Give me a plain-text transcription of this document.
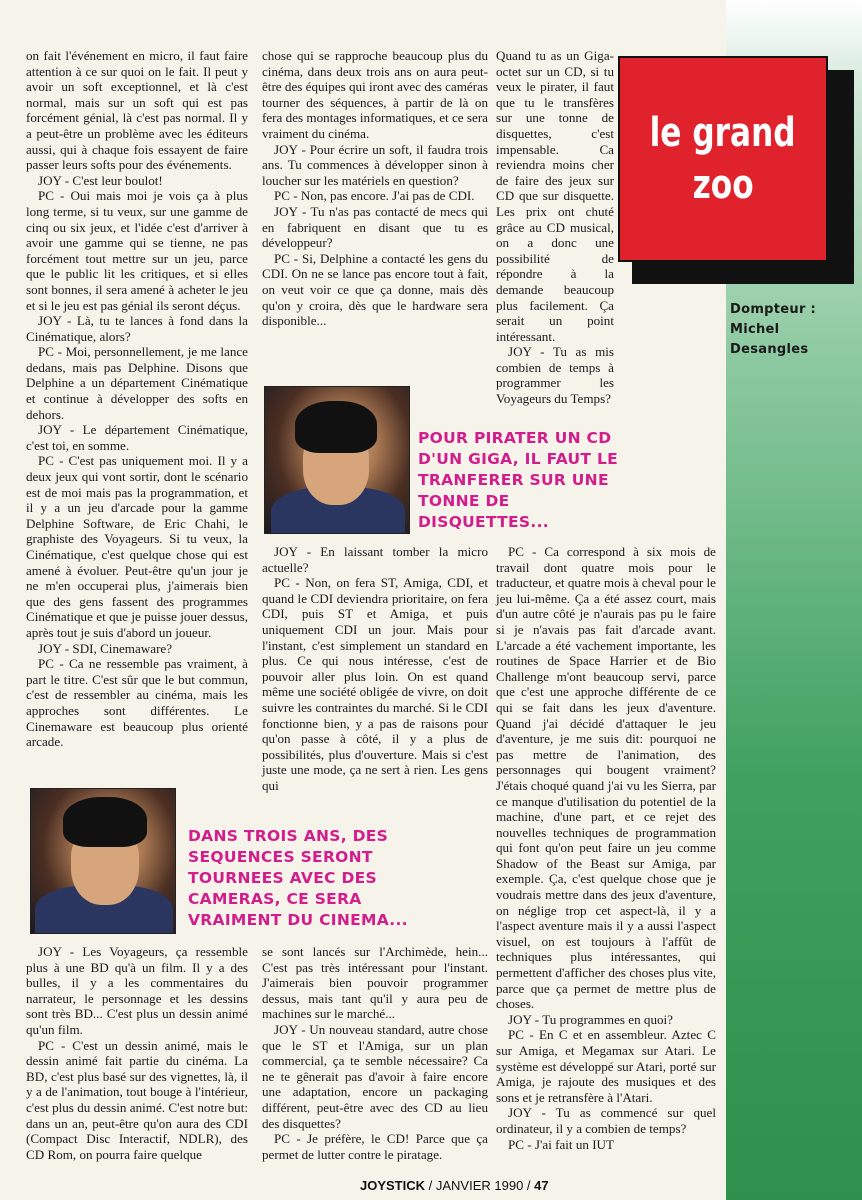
le grand
zoo
Dompteur :
Michel
Desangles

on fait l'événement en micro, il faut faire attention à ce sur quoi on le fait. Il peut y avoir un soft exceptionnel, et là c'est normal, mais sur un soft qui est pas forcément génial, là c'est pas normal. Il y a peut-être un problème avec les éditeurs aussi, qui à chaque fois essayent de faire passer leurs softs pour des événements.

JOY - C'est leur boulot!

PC - Oui mais moi je vois ça à plus long terme, si tu veux, sur une gamme de cinq ou six jeux, et l'idée c'est d'arriver à avoir une gamme qui se tienne, ne pas forcément tout mettre sur un jeu, parce que le public lit les critiques, et si elles sont bonnes, il sera amené à acheter le jeu et si le jeu est pas génial ils seront déçus.

JOY - Là, tu te lances à fond dans la Cinématique, alors?

PC - Moi, personnellement, je me lance dedans, mais pas Delphine. Disons que Delphine a un département Cinématique et continue à développer des softs en dehors.

JOY - Le département Cinématique, c'est toi, en somme.

PC - C'est pas uniquement moi. Il y a deux jeux qui vont sortir, dont le scénario est de moi mais pas la programmation, et il y a un jeu d'arcade pour la gamme Delphine Software, de Eric Chahi, le graphiste des Voyageurs. Si tu veux, la Cinématique, c'est quelque chose qui est amené à évoluer. Peut-être qu'un jour je ne m'en occuperai plus, j'aimerais bien que des gens fassent des programmes Cinématique et que je puisse jouer dessus, après tout je suis d'abord un joueur.

JOY - SDI, Cinemaware?

PC - Ca ne ressemble pas vraiment, à part le titre. C'est sûr que le but commun, c'est de ressembler au cinéma, mais les approches sont différentes. Le Cinemaware est beaucoup plus orienté arcade.

chose qui se rapproche beaucoup plus du cinéma, dans deux trois ans on aura peut-être des équipes qui iront avec des caméras tourner des séquences, à partir de là on fera des montages informatiques, et ce sera vraiment du cinéma.

JOY - Pour écrire un soft, il faudra trois ans. Tu commences à développer sinon à loucher sur les matériels en question?

PC - Non, pas encore. J'ai pas de CDI.

JOY - Tu n'as pas contacté de mecs qui en fabriquent en disant que tu es développeur?

PC - Si, Delphine a contacté les gens du CDI. On ne se lance pas encore tout à fait, on veut voir ce que ça donne, mais dès qu'on y croira, dès que le hardware sera disponible...

Quand tu as un Giga-octet sur un CD, si tu veux le pirater, il faut que tu le transfères sur une tonne de disquettes, c'est impensable. Ca reviendra moins cher de faire des jeux sur CD que sur disquette. Les prix ont chuté grâce au CD musical, on a donc une possibilité de répondre à la demande beaucoup plus facilement. Ça serait un point intéressant.

JOY - Tu as mis combien de temps à programmer les Voyageurs du Temps?

POUR PIRATER UN CD D'UN GIGA, IL FAUT LE TRANFERER SUR UNE TONNE DE DISQUETTES...

JOY - En laissant tomber la micro actuelle?

PC - Non, on fera ST, Amiga, CDI, et quand le CDI deviendra prioritaire, on fera CDI, puis ST et Amiga, et puis uniquement CDI un jour. Mais pour l'instant, c'est simplement un standard en plus. Ce qui nous intéresse, c'est de pouvoir aller plus loin. On est quand même une société obligée de vivre, on doit suivre les contraintes du marché. Si le CDI fonctionne bien, y a pas de raisons pour qu'on passe à côté, il y a plus de possibilités, plus d'ouverture. Mais si c'est juste une mode, ça ne sert à rien. Les gens qui

PC - Ca correspond à six mois de travail dont quatre mois pour le traducteur, et quatre mois à cheval pour le jeu lui-même. Ça a été assez court, mais d'un autre côté je n'aurais pas pu le faire si je n'avais pas fait d'arcade avant. L'arcade a été vachement importante, les routines de Space Harrier et de Bio Challenge m'ont beaucoup servi, parce que c'est une approche différente de ce qui se fait dans les jeux d'aventure. Quand j'ai décidé d'attaquer le jeu d'aventure, je me suis dit: pourquoi ne pas mettre de l'animation, des personnages qui bougent vraiment? J'étais choqué quand j'ai vu les Sierra, par ce manque d'utilisation du potentiel de la machine, d'une part, et ce rejet des nouvelles techniques de programmation qui font qu'on peut faire un jeu comme Shadow of the Beast sur Amiga, par exemple. Ça, c'est quelque chose que je voudrais mettre dans des jeux d'aventure, on néglige trop cet aspect-là, il y a l'aspect aventure mais il y a aussi l'aspect visuel, on est toujours à l'affût de techniques plus intéressantes, qui permettent d'afficher des choses plus vite, parce que ça permet de mettre plus de choses.

JOY - Tu programmes en quoi?

PC - En C et en assembleur. Aztec C sur Amiga, et Megamax sur Atari. Le système est développé sur Atari, porté sur Amiga, je rajoute des musiques et des sons et je retransfère à l'Atari.

JOY - Tu as commencé sur quel ordinateur, il y a combien de temps?

PC - J'ai fait un IUT

DANS TROIS ANS, DES SEQUENCES SERONT TOURNEES AVEC DES CAMERAS, CE SERA VRAIMENT DU CINEMA...

JOY - Les Voyageurs, ça ressemble plus à une BD qu'à un film. Il y a des bulles, il y a les commentaires du narrateur, le personnage et les dessins sont très BD... C'est plus un dessin animé qu'un film.

PC - C'est un dessin animé, mais le dessin animé fait partie du cinéma. La BD, c'est plus basé sur des vignettes, là, il y a de l'animation, tout bouge à l'intérieur, c'est plus du dessin animé. C'est notre but: dans un an, peut-être qu'on aura des CDI (Compact Disc Interactif, NDLR), des CD Rom, on pourra faire quelque

se sont lancés sur l'Archimède, hein... C'est pas très intéressant pour l'instant. J'aimerais bien pouvoir programmer dessus, mais tant qu'il y aura peu de machines sur le marché...

JOY - Un nouveau standard, autre chose que le ST et l'Amiga, sur un plan commercial, ça te semble nécessaire? Ca ne te gênerait pas d'avoir à faire encore une adaptation, encore un packaging différent, peut-être avec des CD au lieu des disquettes?

PC - Je préfère, le CD! Parce que ça permet de lutter contre le piratage.

JOYSTICK / JANVIER 1990 / 47
